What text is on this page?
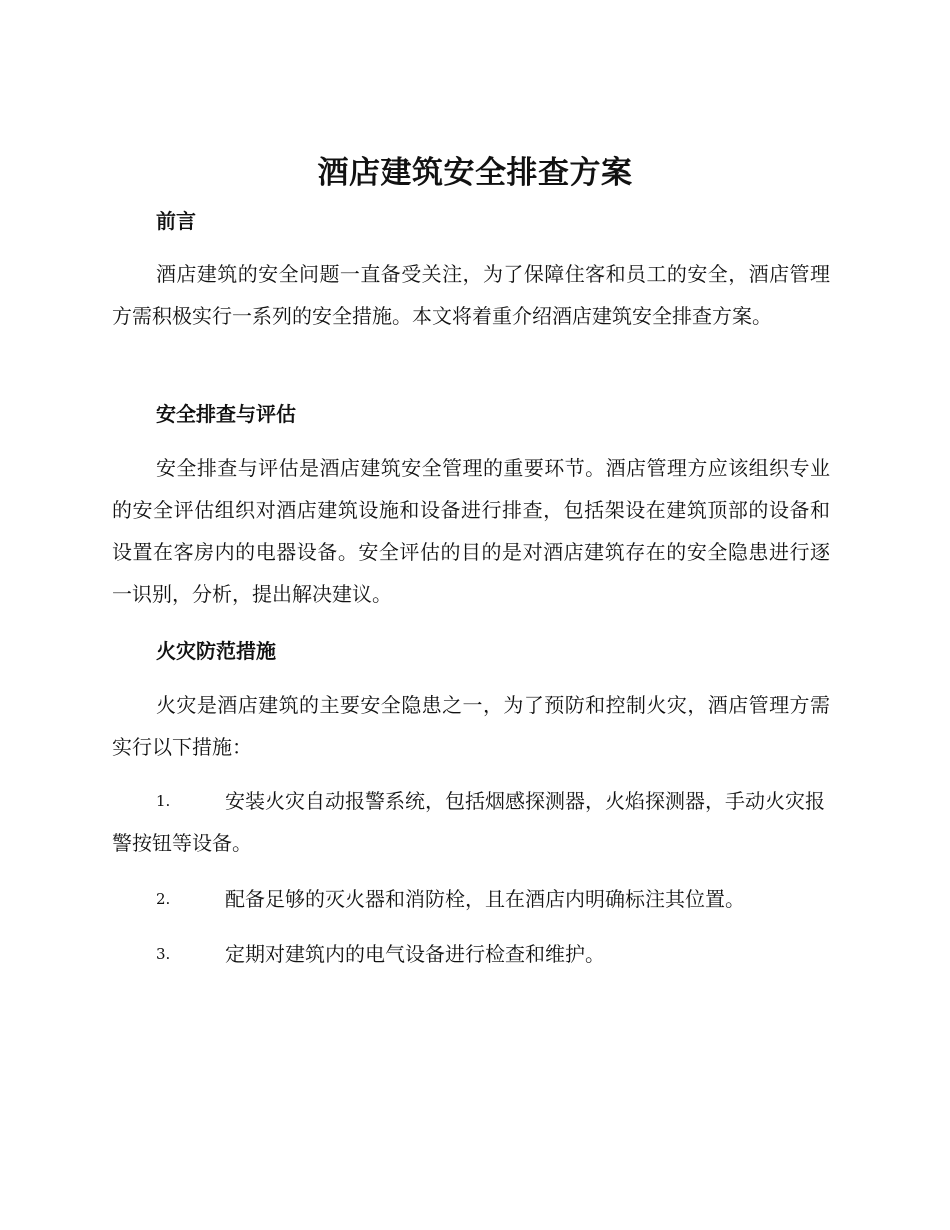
酒店建筑安全排查方案
前言

酒店建筑的安全问题一直备受关注，为了保障住客和员工的安全，酒店管理方需积极实行一系列的安全措施。本文将着重介绍酒店建筑安全排查方案。

安全排查与评估

安全排查与评估是酒店建筑安全管理的重要环节。酒店管理方应该组织专业的安全评估组织对酒店建筑设施和设备进行排查，包括架设在建筑顶部的设备和设置在客房内的电器设备。安全评估的目的是对酒店建筑存在的安全隐患进行逐一识别，分析，提出解决建议。

火灾防范措施

火灾是酒店建筑的主要安全隐患之一，为了预防和控制火灾，酒店管理方需实行以下措施：

1.	安装火灾自动报警系统，包括烟感探测器，火焰探测器，手动火灾报警按钮等设备。
2.	配备足够的灭火器和消防栓，且在酒店内明确标注其位置。
3.	定期对建筑内的电气设备进行检查和维护。
